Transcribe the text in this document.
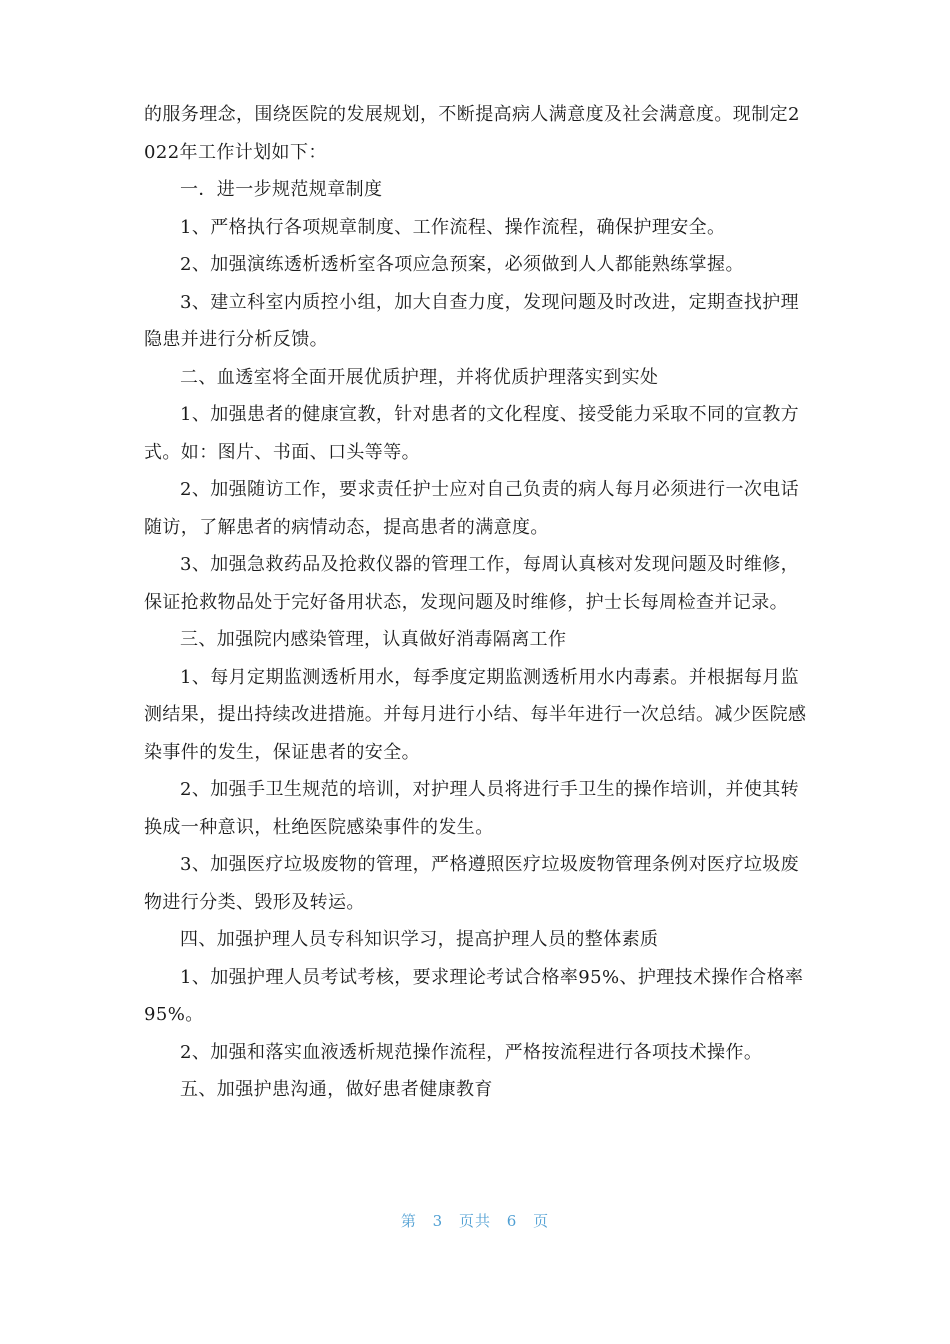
的服务理念，围绕医院的发展规划，不断提高病人满意度及社会满意度。现制定2022年工作计划如下：

一．进一步规范规章制度

1、严格执行各项规章制度、工作流程、操作流程，确保护理安全。

2、加强演练透析透析室各项应急预案，必须做到人人都能熟练掌握。

3、建立科室内质控小组，加大自查力度，发现问题及时改进，定期查找护理隐患并进行分析反馈。

二、血透室将全面开展优质护理，并将优质护理落实到实处

1、加强患者的健康宣教，针对患者的文化程度、接受能力采取不同的宣教方式。如：图片、书面、口头等等。

2、加强随访工作，要求责任护士应对自己负责的病人每月必须进行一次电话随访，了解患者的病情动态，提高患者的满意度。

3、加强急救药品及抢救仪器的管理工作，每周认真核对发现问题及时维修，保证抢救物品处于完好备用状态，发现问题及时维修，护士长每周检查并记录。

三、加强院内感染管理，认真做好消毒隔离工作

1、每月定期监测透析用水，每季度定期监测透析用水内毒素。并根据每月监测结果，提出持续改进措施。并每月进行小结、每半年进行一次总结。减少医院感染事件的发生，保证患者的安全。

2、加强手卫生规范的培训，对护理人员将进行手卫生的操作培训，并使其转换成一种意识，杜绝医院感染事件的发生。

3、加强医疗垃圾废物的管理，严格遵照医疗垃圾废物管理条例对医疗垃圾废物进行分类、毁形及转运。

四、加强护理人员专科知识学习，提高护理人员的整体素质

1、加强护理人员考试考核，要求理论考试合格率95%、护理技术操作合格率95%。

2、加强和落实血液透析规范操作流程，严格按流程进行各项技术操作。

五、加强护患沟通，做好患者健康教育

第 3 页共 6 页
